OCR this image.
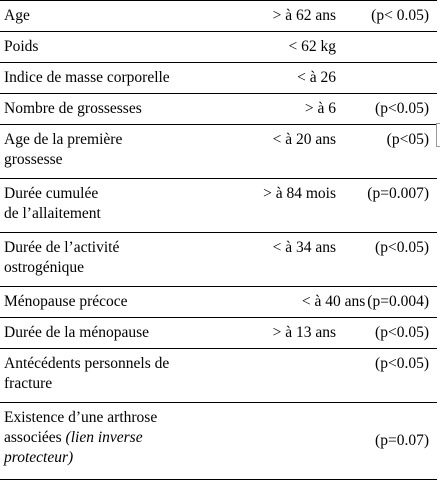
Age	> à 62 ans	(p< 0.05)

Poids	< 62 kg	

Indice de masse corporelle	< à 26	

Nombre de grossesses	> à 6	(p<0.05)

Age de la première
grossesse	< à 20 ans	(p<05)

Durée cumulée
de l’allaitement	> à 84 mois	(p=0.007)

Durée de l’activité
ostrogénique	< à 34 ans	(p<0.05)

Ménopause précoce	< à 40 ans (p=0.004)	

Durée de la ménopause	> à 13 ans	(p<0.05)

Antécédents personnels de
fracture		(p<0.05)

Existence d’une arthrose
associées (lien inverse
protecteur)		(p=0.07)
